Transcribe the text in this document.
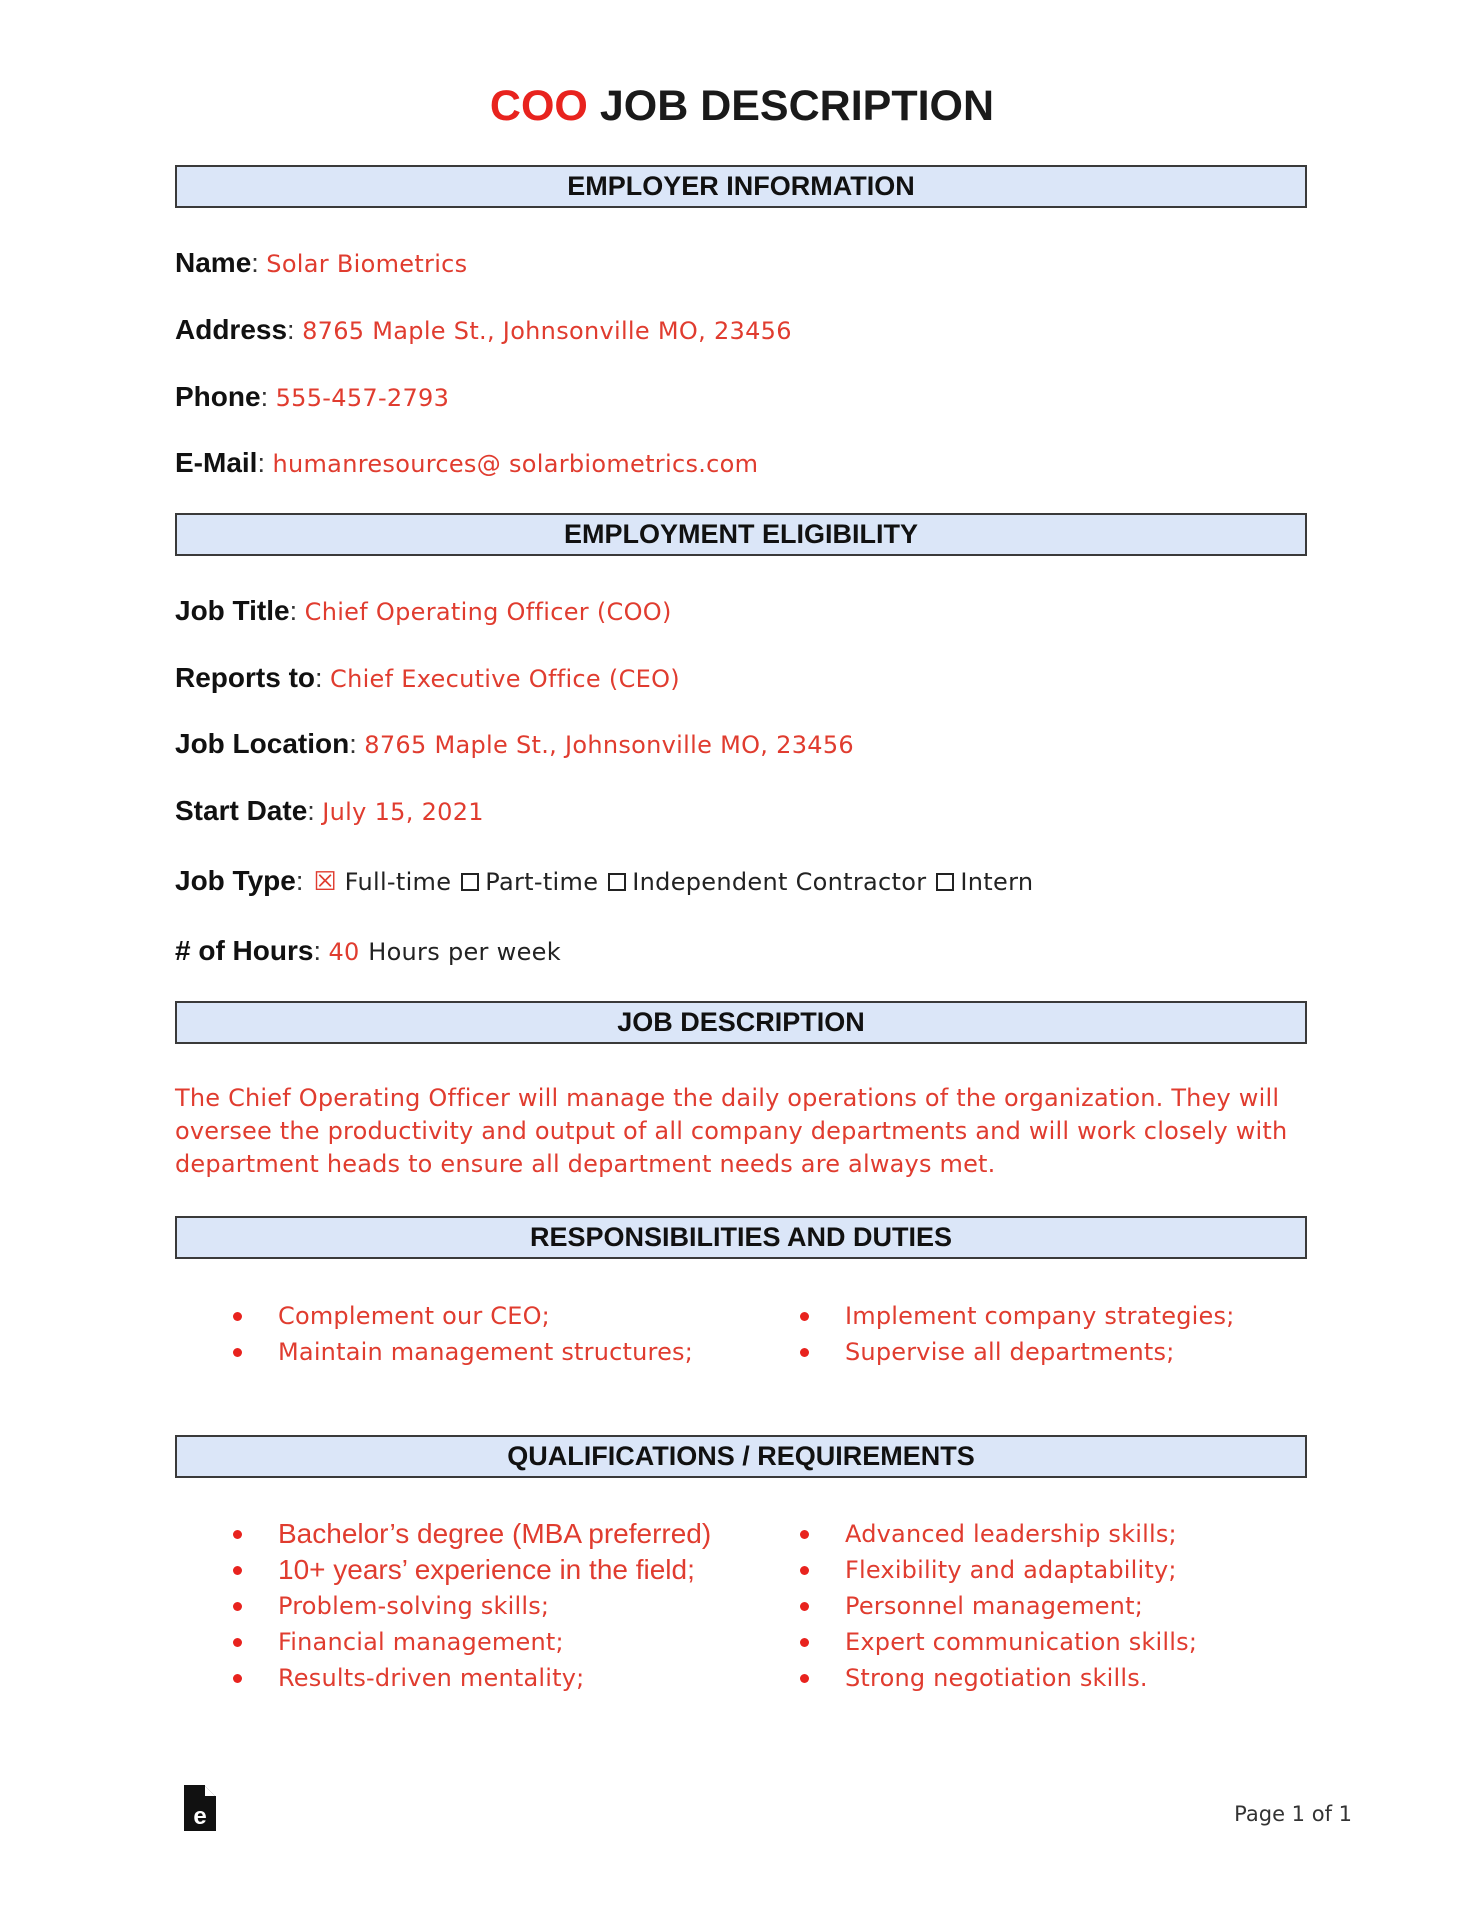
COO JOB DESCRIPTION
EMPLOYER INFORMATION
Name: Solar Biometrics
Address: 8765 Maple St., Johnsonville MO, 23456
Phone: 555-457-2793
E-Mail: humanresources@ solarbiometrics.com
EMPLOYMENT ELIGIBILITY
Job Title: Chief Operating Officer (COO)
Reports to: Chief Executive Office (CEO)
Job Location: 8765 Maple St., Johnsonville MO, 23456
Start Date: July 15, 2021
Job Type: ☒ Full-time Part-time Independent Contractor Intern
# of Hours: 40 Hours per week
JOB DESCRIPTION
The Chief Operating Officer will manage the daily operations of the organization. They will oversee the productivity and output of all company departments and will work closely with department heads to ensure all department needs are always met.
RESPONSIBILITIES AND DUTIES
Complement our CEO;
Maintain management structures;
Implement company strategies;
Supervise all departments;
QUALIFICATIONS / REQUIREMENTS
Bachelor’s degree (MBA preferred)
10+ years’ experience in the field;
Problem-solving skills;
Financial management;
Results-driven mentality;
Advanced leadership skills;
Flexibility and adaptability;
Personnel management;
Expert communication skills;
Strong negotiation skills.
e	Page 1 of 1
